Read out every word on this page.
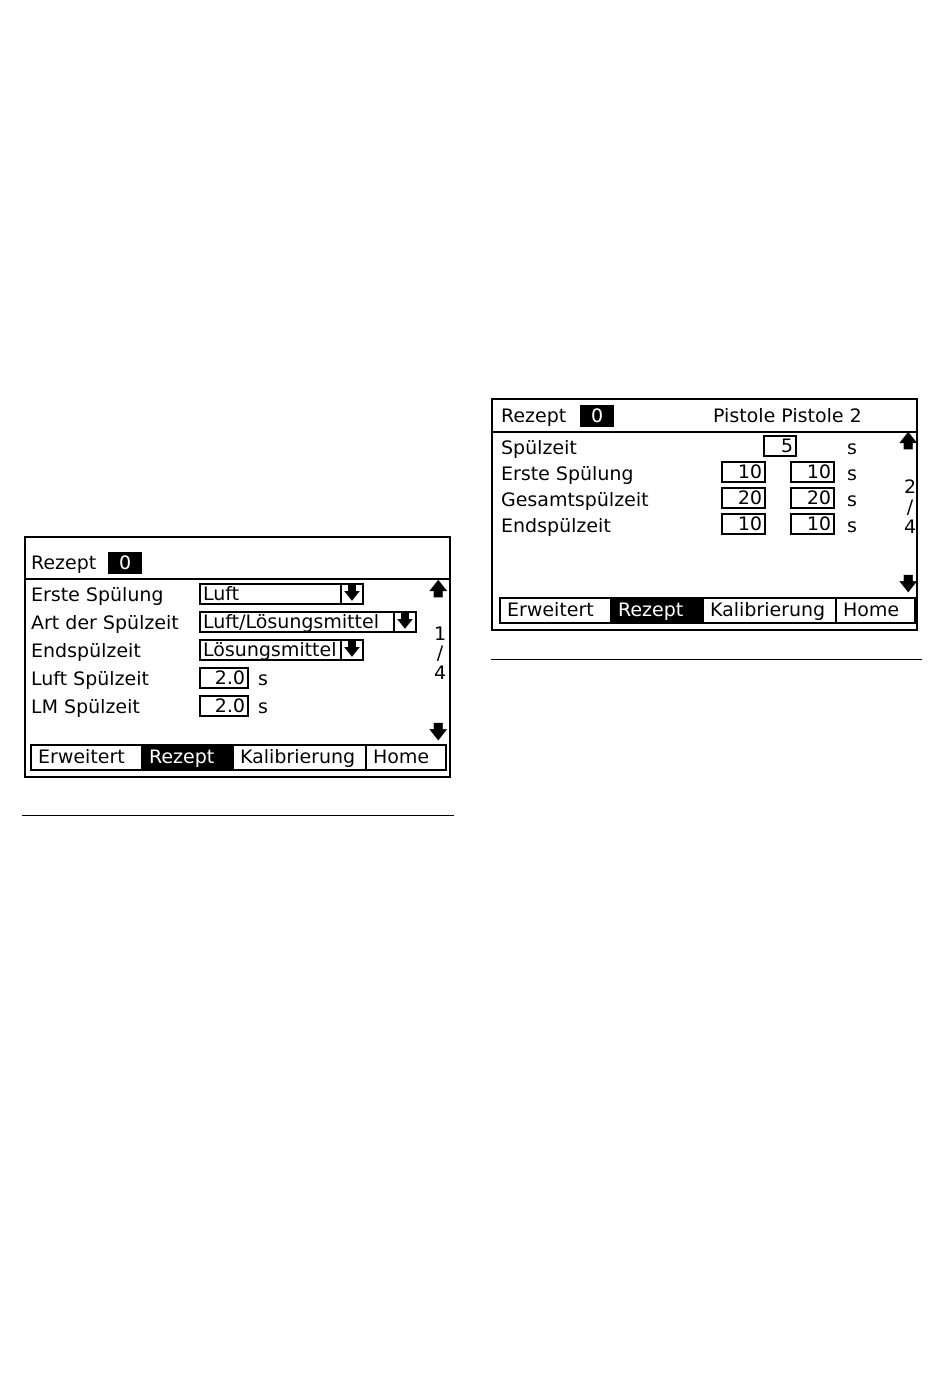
Rezept	0
Erste Spülung Luft	🡇
Art der Spülzeit Luft/Lösungsmittel 🡇
Endspülzeit	Lösungsmittel 🡇
Luft Spülzeit	2.0 s
LM Spülzeit	2.0 s
🡅
1
/
4
🡇
Erweitert	Rezept	Kalibrierung Home
Rezept	0	Pistole Pistole 2
Spülzeit	5	s
Erste Spülung	10	10 s
Gesamtspülzeit	20	20 s
Endspülzeit	10	10 s
🡅
2
/
4
🡇
Erweitert	Rezept	Kalibrierung Home
